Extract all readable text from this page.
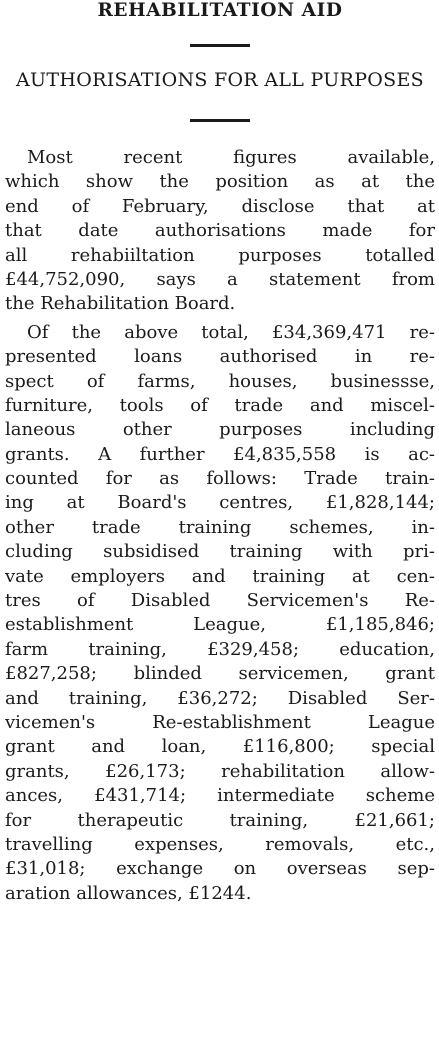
REHABILITATION AID
AUTHORISATIONS FOR ALL PURPOSES

Most recent figures available,
which show the position as at the
end of February, disclose that at
that date authorisations made for
all rehabiiltation purposes totalled
£44,752,090, says a statement from
the Rehabilitation Board.

Of the above total, £34,369,471 re-
presented loans authorised in re-
spect of farms, houses, businessse,
furniture, tools of trade and miscel-
laneous other purposes including
grants. A further £4,835,558 is ac-
counted for as follows: Trade train-
ing at Board's centres, £1,828,144;
other trade training schemes, in-
cluding subsidised training with pri-
vate employers and training at cen-
tres of Disabled Servicemen's Re-
establishment League, £1,185,846;
farm training, £329,458; education,
£827,258; blinded servicemen, grant
and training, £36,272; Disabled Ser-
vicemen's Re-establishment League
grant and loan, £116,800; special
grants, £26,173; rehabilitation allow-
ances, £431,714; intermediate scheme
for therapeutic training, £21,661;
travelling expenses, removals, etc.,
£31,018; exchange on overseas sep-
aration allowances, £1244.
